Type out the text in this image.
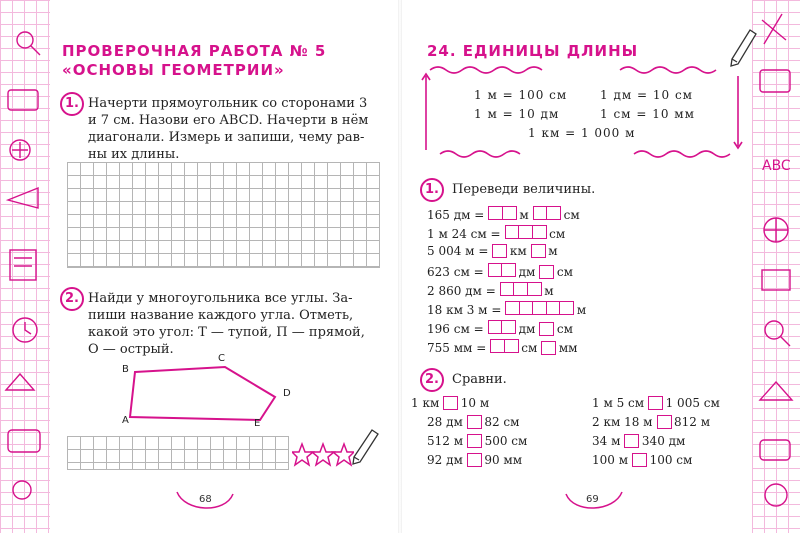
ABC
ПРОВЕРОЧНАЯ РАБОТА № 5
«ОСНОВЫ ГЕОМЕТРИИ»
1. Начерти прямоугольник со сторонами 3
и 7 см. Назови его ABCD. Начерти в нём
диагонали. Измерь и запиши, чему рав-
ны их длины.
2. Найди у многоугольника все углы. За-
пиши название каждого угла. Отметь,
какой это угол: Т — тупой, П — прямой,
О — острый.
B
C
D
A	E
68
24. ЕДИНИЦЫ ДЛИНЫ
1 м = 100 см	1 дм = 10 см
1 м = 10 дм	1 см = 10 мм
1 км = 1 000 м
1.	Переведи величины.
165 дм =	м	см
1 м 24 см =	см
5 004 м = км м
623 см =	дм см
2 860 дм =	м
18 км 3 м =	м
196 см =	дм см
755 мм =	см мм
2.	Сравни.
1 км 10 м
28 дм 82 см
512 м 500 см
92 дм 90 мм
1 м 5 см 1 005 см
2 км 18 м 812 м
34 м 340 дм
100 м 100 см
69
